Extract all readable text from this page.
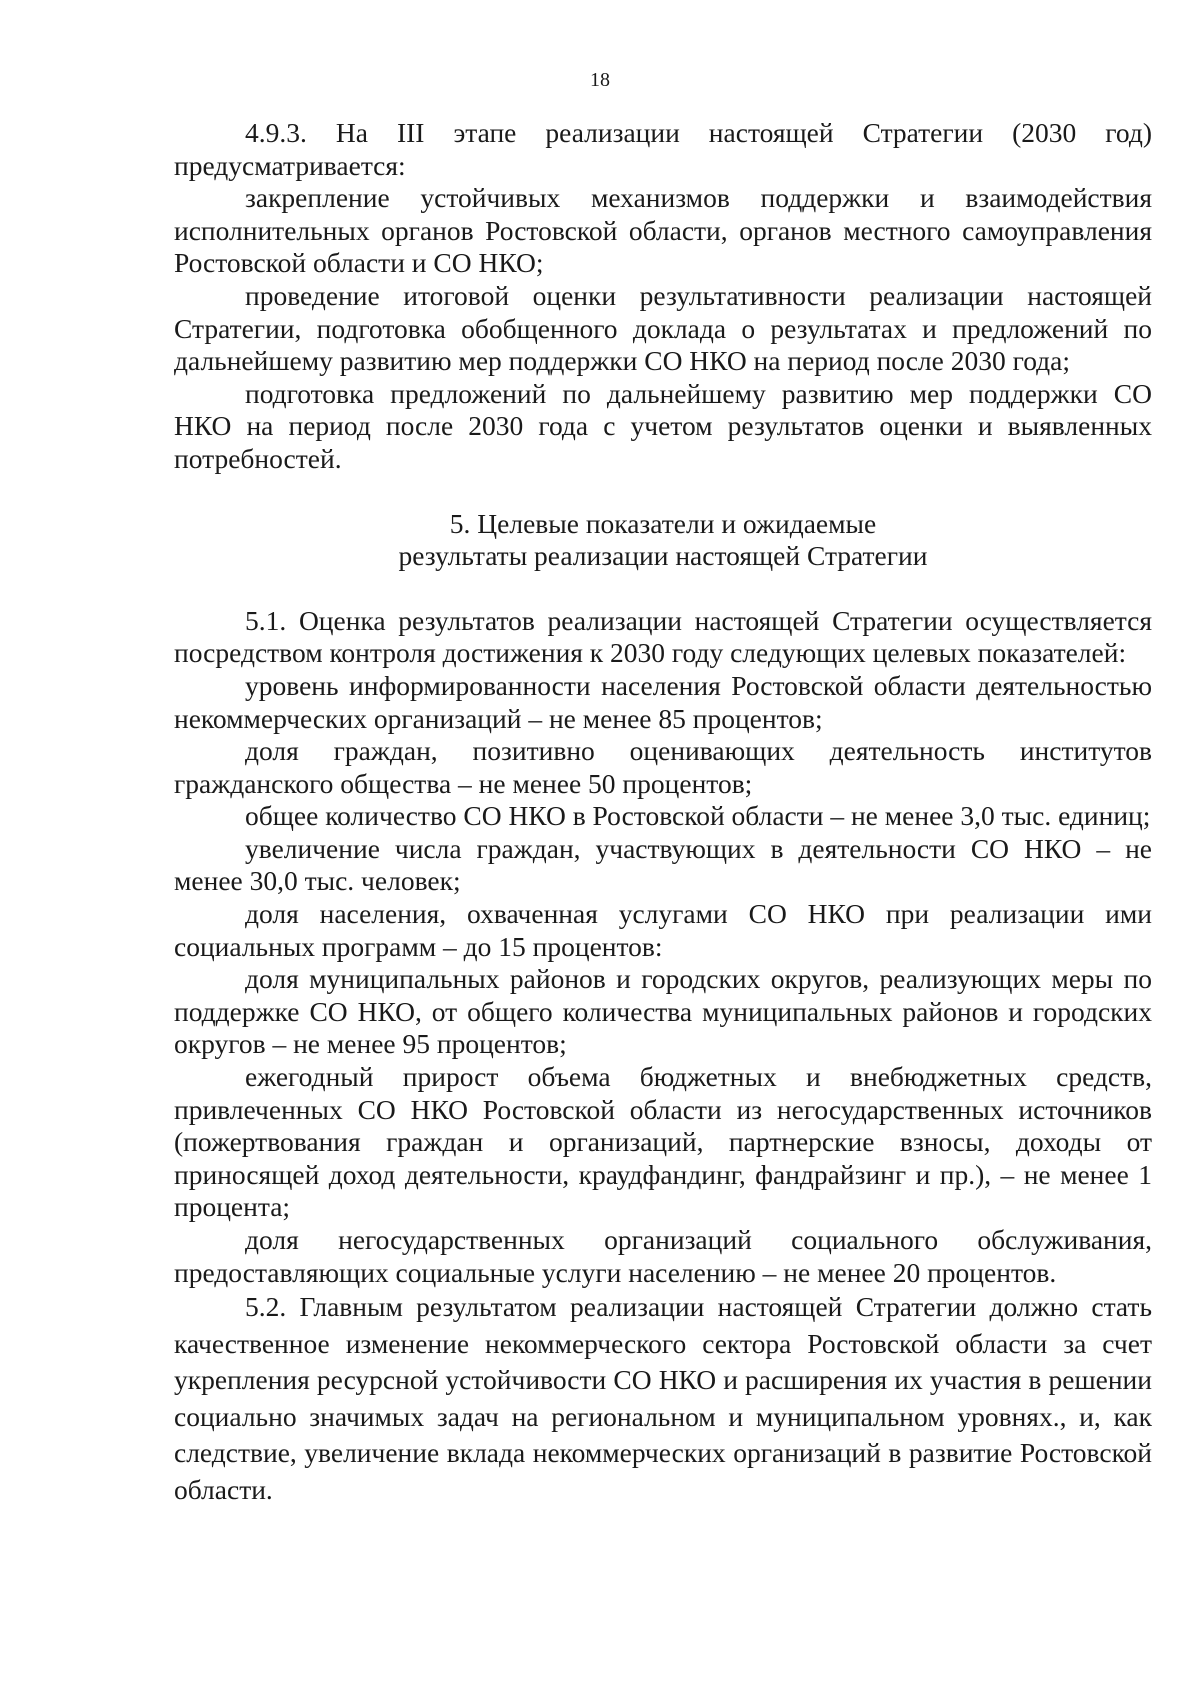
18

4.9.3. На III этапе реализации настоящей Стратегии (2030 год) предусматривается:

закрепление устойчивых механизмов поддержки и взаимодействия исполнительных органов Ростовской области, органов местного самоуправления Ростовской области и СО НКО;

проведение итоговой оценки результативности реализации настоящей Стратегии, подготовка обобщенного доклада о результатах и предложений по дальнейшему развитию мер поддержки СО НКО на период после 2030 года;

подготовка предложений по дальнейшему развитию мер поддержки СО НКО на период после 2030 года с учетом результатов оценки и выявленных потребностей.

5. Целевые показатели и ожидаемые
результаты реализации настоящей Стратегии

5.1. Оценка результатов реализации настоящей Стратегии осуществляется посредством контроля достижения к 2030 году следующих целевых показателей:

уровень информированности населения Ростовской области деятельностью некоммерческих организаций – не менее 85 процентов;

доля граждан, позитивно оценивающих деятельность институтов гражданского общества – не менее 50 процентов;

общее количество СО НКО в Ростовской области – не менее 3,0 тыс. единиц;

увеличение числа граждан, участвующих в деятельности СО НКО – не менее 30,0 тыс. человек;

доля населения, охваченная услугами СО НКО при реализации ими социальных программ – до 15 процентов:

доля муниципальных районов и городских округов, реализующих меры по поддержке СО НКО, от общего количества муниципальных районов и городских округов – не менее 95 процентов;

ежегодный прирост объема бюджетных и внебюджетных средств, привлеченных СО НКО Ростовской области из негосударственных источников (пожертвования граждан и организаций, партнерские взносы, доходы от приносящей доход деятельности, краудфандинг, фандрайзинг и пр.), – не менее 1 процента;

доля негосударственных организаций социального обслуживания, предоставляющих социальные услуги населению – не менее 20 процентов.

5.2. Главным результатом реализации настоящей Стратегии должно стать качественное изменение некоммерческого сектора Ростовской области за счет укрепления ресурсной устойчивости СО НКО и расширения их участия в решении социально значимых задач на региональном и муниципальном уровнях., и, как следствие, увеличение вклада некоммерческих организаций в развитие Ростовской области.
